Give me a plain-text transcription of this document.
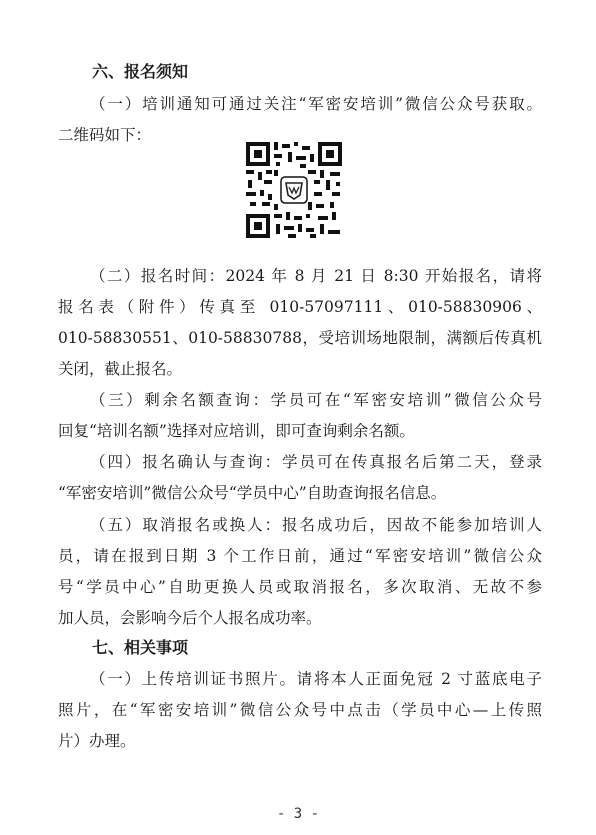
六、报名须知
（一）培训通知可通过关注“军密安培训”微信公众号获取。
二维码如下：
（二）报名时间：2024 年 8 月 21 日 8:30 开始报名，请将
报名表（附件）传真至 010-57097111、010-58830906、
010-58830551、010-58830788，受培训场地限制，满额后传真机
关闭，截止报名。
（三）剩余名额查询：学员可在“军密安培训”微信公众号
回复“培训名额”选择对应培训，即可查询剩余名额。
（四）报名确认与查询：学员可在传真报名后第二天，登录
“军密安培训”微信公众号“学员中心”自助查询报名信息。
（五）取消报名或换人：报名成功后，因故不能参加培训人
员，请在报到日期 3 个工作日前，通过“军密安培训”微信公众
号“学员中心”自助更换人员或取消报名，多次取消、无故不参
加人员，会影响今后个人报名成功率。
七、相关事项
（一）上传培训证书照片。请将本人正面免冠 2 寸蓝底电子
照片，在“军密安培训”微信公众号中点击（学员中心—上传照
片）办理。
- 3 -
